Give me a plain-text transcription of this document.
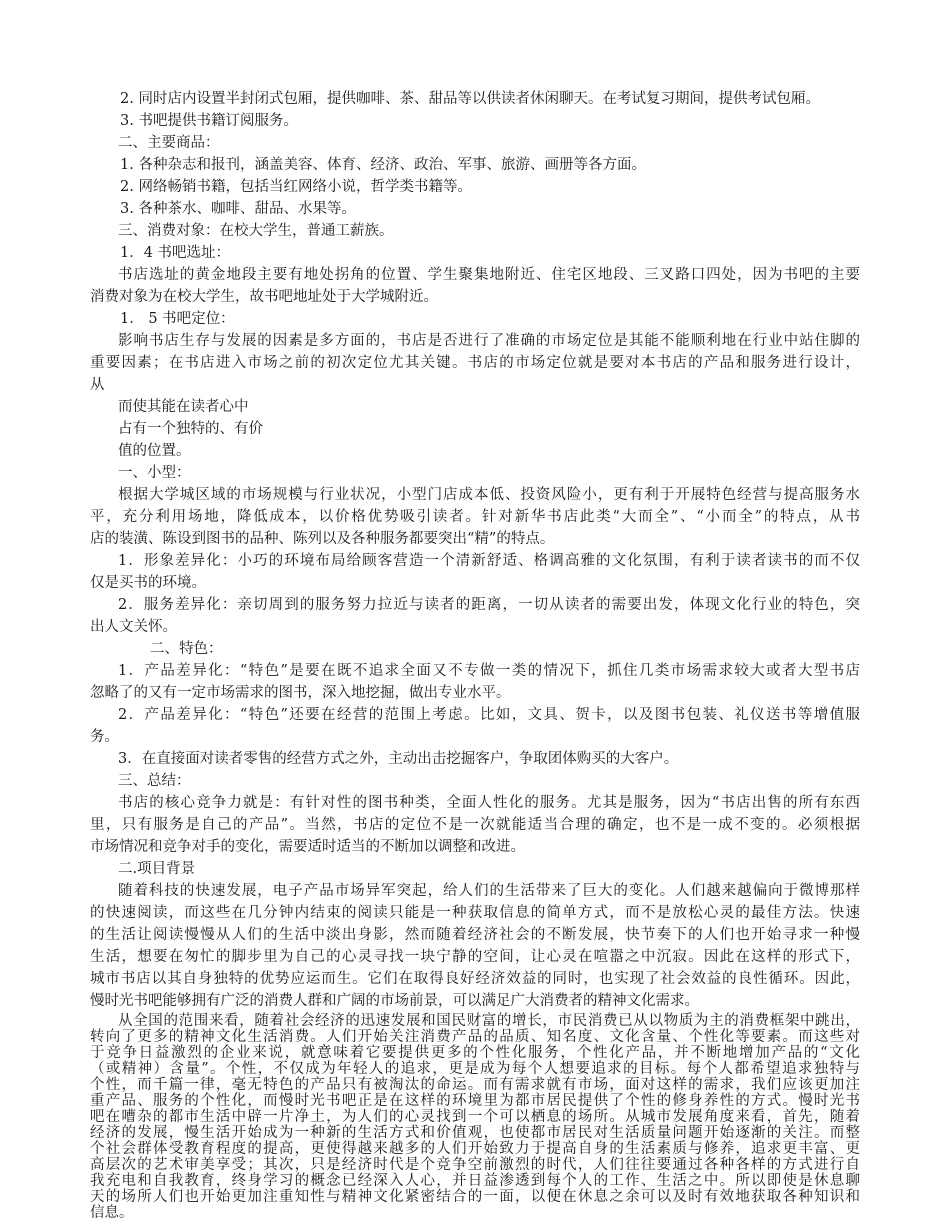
2. 同时店内设置半封闭式包厢，提供咖啡、茶、甜品等以供读者休闲聊天。在考试复习期间，提供考试包厢。
3. 书吧提供书籍订阅服务。
二、主要商品：
1. 各种杂志和报刊，涵盖美容、体育、经济、政治、军事、旅游、画册等各方面。
2. 网络畅销书籍，包括当红网络小说，哲学类书籍等。
3. 各种茶水、咖啡、甜品、水果等。
三、消费对象：在校大学生，普通工薪族。
1．4 书吧选址：
书店选址的黄金地段主要有地处拐角的位置、学生聚集地附近、住宅区地段、三叉路口四处，因为书吧的主要
消费对象为在校大学生，故书吧地址处于大学城附近。
1． 5 书吧定位：
影响书店生存与发展的因素是多方面的，书店是否进行了准确的市场定位是其能不能顺利地在行业中站住脚的
重要因素；在书店进入市场之前的初次定位尤其关键。书店的市场定位就是要对本书店的产品和服务进行设计，
从
而使其能在读者心中
占有一个独特的、有价
值的位置。
一、小型：
根据大学城区域的市场规模与行业状况，小型门店成本低、投资风险小，更有利于开展特色经营与提高服务水
平，充分利用场地，降低成本，以价格优势吸引读者。针对新华书店此类“大而全”、“小而全”的特点，从书
店的装潢、陈设到图书的品种、陈列以及各种服务都要突出“精”的特点。
1．形象差异化：小巧的环境布局给顾客营造一个清新舒适、格调高雅的文化氛围，有利于读者读书的而不仅
仅是买书的环境。
2．服务差异化：亲切周到的服务努力拉近与读者的距离，一切从读者的需要出发，体现文化行业的特色，突
出人文关怀。
二、特色：
1．产品差异化：“特色”是要在既不追求全面又不专做一类的情况下，抓住几类市场需求较大或者大型书店
忽略了的又有一定市场需求的图书，深入地挖掘，做出专业水平。
2．产品差异化：“特色”还要在经营的范围上考虑。比如，文具、贺卡，以及图书包装、礼仪送书等增值服
务。
3．在直接面对读者零售的经营方式之外，主动出击挖掘客户，争取团体购买的大客户。
三、总结：
书店的核心竞争力就是：有针对性的图书种类，全面人性化的服务。尤其是服务，因为“书店出售的所有东西
里，只有服务是自己的产品”。当然，书店的定位不是一次就能适当合理的确定，也不是一成不变的。必须根据
市场情况和竞争对手的变化，需要适时适当的不断加以调整和改进。
二.项目背景
随着科技的快速发展，电子产品市场异军突起，给人们的生活带来了巨大的变化。人们越来越偏向于微博那样
的快速阅读，而这些在几分钟内结束的阅读只能是一种获取信息的简单方式，而不是放松心灵的最佳方法。快速
的生活让阅读慢慢从人们的生活中淡出身影，然而随着经济社会的不断发展，快节奏下的人们也开始寻求一种慢
生活，想要在匆忙的脚步里为自己的心灵寻找一块宁静的空间，让心灵在喧嚣之中沉寂。因此在这样的形式下，
城市书店以其自身独特的优势应运而生。它们在取得良好经济效益的同时，也实现了社会效益的良性循环。因此，
慢时光书吧能够拥有广泛的消费人群和广阔的市场前景，可以满足广大消费者的精神文化需求。
从全国的范围来看，随着社会经济的迅速发展和国民财富的增长，市民消费已从以物质为主的消费框架中跳出，
转向了更多的精神文化生活消费。人们开始关注消费产品的品质、知名度、文化含量、个性化等要素。而这些对
于竞争日益激烈的企业来说，就意味着它要提供更多的个性化服务，个性化产品，并不断地增加产品的“文化
（或精神）含量”。个性，不仅成为年轻人的追求，更是成为每个人想要追求的目标。每个人都希望追求独特与
个性，而千篇一律，毫无特色的产品只有被淘汰的命运。而有需求就有市场，面对这样的需求，我们应该更加注
重产品、服务的个性化，而慢时光书吧正是在这样的环境里为都市居民提供了个性的修身养性的方式。慢时光书
吧在嘈杂的都市生活中辟一片净土，为人们的心灵找到一个可以栖息的场所。从城市发展角度来看，首先，随着
经济的发展，慢生活开始成为一种新的生活方式和价值观，也使都市居民对生活质量问题开始逐渐的关注。而整
个社会群体受教育程度的提高，更使得越来越多的人们开始致力于提高自身的生活素质与修养，追求更丰富、更
高层次的艺术审美享受；其次，只是经济时代是个竞争空前激烈的时代，人们往往要通过各种各样的方式进行自
我充电和自我教育，终身学习的概念已经深入人心，并日益渗透到每个人的工作、生活之中。所以即使是休息聊
天的场所人们也开始更加注重知性与精神文化紧密结合的一面，以便在休息之余可以及时有效地获取各种知识和
信息。
